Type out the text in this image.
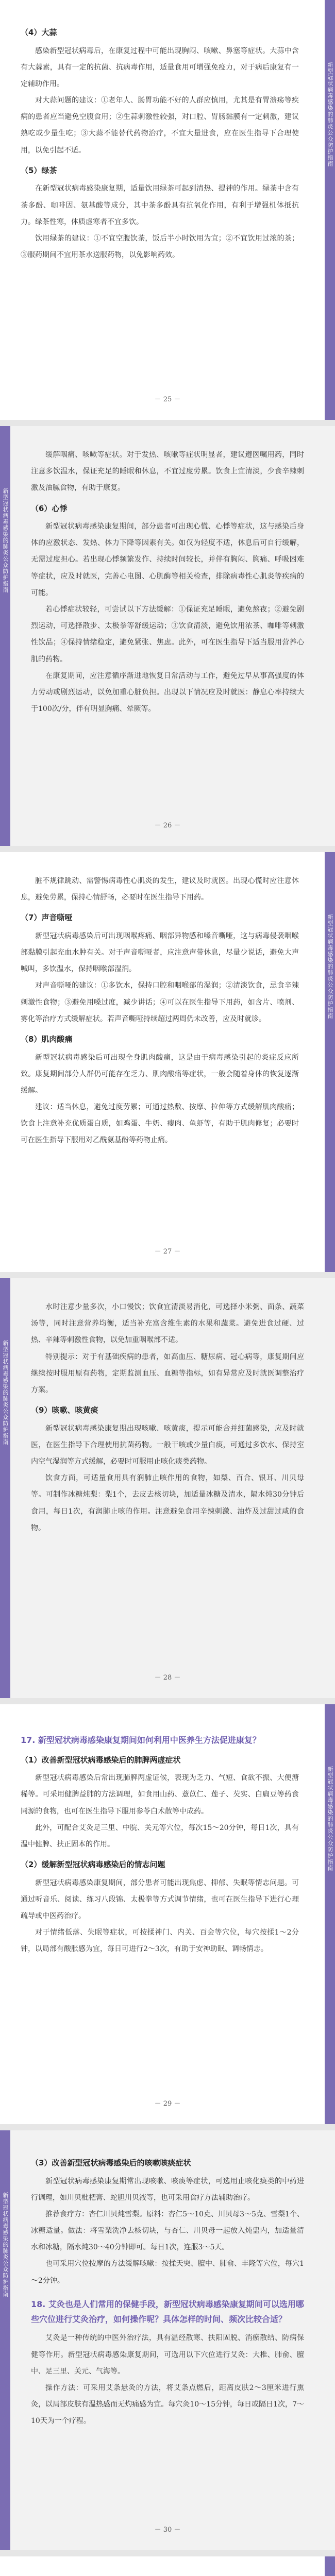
（4）大蒜

感染新型冠状病毒后，在康复过程中可能出现胸闷、咳嗽、鼻塞等症状。大蒜中含有大蒜素，具有一定的抗菌、抗病毒作用，适量食用可增强免疫力，对于病后康复有一定辅助作用。

对大蒜问题的建议：①老年人、肠胃功能不好的人群应慎用，尤其是有胃溃疡等疾病的患者应当避免空腹食用；②生蒜刺激性较强，对口腔、胃肠黏膜有一定刺激，建议熟吃或少量生吃；③大蒜不能替代药物治疗，不宜大量进食，应在医生指导下合理使用，以免引起不适。

（5）绿茶

在新型冠状病毒感染康复期，适量饮用绿茶可起到清热、提神的作用。绿茶中含有茶多酚、咖啡因、氨基酸等成分，其中茶多酚具有抗氧化作用，有利于增强机体抵抗力。绿茶性寒，体质虚寒者不宜多饮。

饮用绿茶的建议：①不宜空腹饮茶，饭后半小时饮用为宜；②不宜饮用过浓的茶；③服药期间不宜用茶水送服药物，以免影响药效。

－ 25 －
新型冠状病毒感染的肺炎公众防护指南
新型冠状病毒感染的肺炎公众防护指南

缓解咽痛、咳嗽等症状。对于发热、咳嗽等症状明显者，建议遵医嘱用药，同时注意多饮温水，保证充足的睡眠和休息，不宜过度劳累。饮食上宜清淡，少食辛辣刺激及油腻食物，有助于康复。

（6）心悸

新型冠状病毒感染康复期间，部分患者可出现心慌、心悸等症状，这与感染后身体的应激状态、发热、体力下降等因素有关。如仅为轻度不适，休息后可自行缓解，无需过度担心。若出现心悸频繁发作、持续时间较长，并伴有胸闷、胸痛、呼吸困难等症状，应及时就医，完善心电图、心肌酶等相关检查，排除病毒性心肌炎等疾病的可能。

若心悸症状较轻，可尝试以下方法缓解：①保证充足睡眠，避免熬夜；②避免剧烈运动，可选择散步、太极拳等舒缓运动；③饮食清淡，避免饮用浓茶、咖啡等刺激性饮品；④保持情绪稳定，避免紧张、焦虑。此外，可在医生指导下适当服用营养心肌的药物。

在康复期间，应注意循序渐进地恢复日常活动与工作，避免过早从事高强度的体力劳动或剧烈运动，以免加重心脏负担。出现以下情况应及时就医：静息心率持续大于100次/分，伴有明显胸痛、晕厥等。

－ 26 －

脏不规律跳动、需警惕病毒性心肌炎的发生，建议及时就医。出现心慌时应注意休息，避免劳累，保持心情舒畅，必要时在医生指导下用药。

（7）声音嘶哑

新型冠状病毒感染后可出现咽喉疼痛、咽部异物感和嗓音嘶哑，这与病毒侵袭咽喉部黏膜引起充血水肿有关。对于声音嘶哑者，应注意声带休息，尽量少说话，避免大声喊叫，多饮温水，保持咽喉部湿润。

对声音嘶哑的建议：①多饮水，保持口腔和咽喉部的湿润；②清淡饮食，忌食辛辣刺激性食物；③避免用嗓过度，减少讲话；④可以在医生指导下用药，如含片、喷剂、雾化等治疗方式缓解症状。若声音嘶哑持续超过两周仍未改善，应及时就诊。

（8）肌肉酸痛

新型冠状病毒感染后可出现全身肌肉酸痛，这是由于病毒感染引起的炎症反应所致。康复期间部分人群仍可能存在乏力、肌肉酸痛等症状，一般会随着身体的恢复逐渐缓解。

建议：适当休息，避免过度劳累；可通过热敷、按摩、拉伸等方式缓解肌肉酸痛；饮食上注意补充优质蛋白质，如鸡蛋、牛奶、瘦肉、鱼虾等，有助于肌肉修复；必要时可在医生指导下服用对乙酰氨基酚等药物止痛。

－ 27 －
新型冠状病毒感染的肺炎公众防护指南
新型冠状病毒感染的肺炎公众防护指南

水时注意少量多次，小口慢饮；饮食宜清淡易消化，可选择小米粥、面条、蔬菜汤等，同时注意营养均衡，适当补充富含维生素的水果和蔬菜。避免进食过硬、过热、辛辣等刺激性食物，以免加重咽喉部不适。

特别提示：对于有基础疾病的患者，如高血压、糖尿病、冠心病等，康复期间应继续按时服用原有药物，定期监测血压、血糖等指标，如有异常应及时就医调整治疗方案。

（9）咳嗽、咳黄痰

新型冠状病毒感染康复期出现咳嗽、咳黄痰，提示可能合并细菌感染，应及时就医，在医生指导下合理使用抗菌药物。一般干咳或少量白痰，可通过多饮水、保持室内空气湿润等方式缓解，必要时可服用止咳化痰类药物。

饮食方面，可适量食用具有润肺止咳作用的食物，如梨、百合、银耳、川贝母等。可制作冰糖炖梨：梨1个，去皮去核切块，加适量冰糖及清水，隔水炖30分钟后食用，每日1次，有润肺止咳的作用。注意避免食用辛辣刺激、油炸及过甜过咸的食物。

－ 28 －
17. 新型冠状病毒感染康复期间如何利用中医养生方法促进康复？
（1）改善新型冠状病毒感染后的肺脾两虚症状

新型冠状病毒感染后常出现肺脾两虚证候，表现为乏力、气短、食欲不振、大便溏稀等。可采用健脾益肺的方法调理，如食用山药、薏苡仁、莲子、芡实、白扁豆等药食同源的食物，也可在医生指导下服用参苓白术散等中成药。

此外，可配合艾灸足三里、中脘、关元等穴位，每次15～20分钟，每日1次，具有温中健脾、扶正固本的作用。

（2）缓解新型冠状病毒感染后的情志问题

新型冠状病毒感染康复期间，部分患者可能出现焦虑、抑郁、失眠等情志问题。可通过听音乐、阅读、练习八段锦、太极拳等方式调节情绪，也可在医生指导下进行心理疏导或中医药治疗。

对于情绪低落、失眠等症状，可按揉神门、内关、百会等穴位，每穴按揉1～2分钟，以局部有酸胀感为宜，每日可进行2～3次，有助于安神助眠、调畅情志。

－ 29 －
新型冠状病毒感染的肺炎公众防护指南
新型冠状病毒感染的肺炎公众防护指南
（3）改善新型冠状病毒感染后的咳嗽咳痰症状

新型冠状病毒感染康复期常出现咳嗽、咳痰等症状，可选用止咳化痰类的中药进行调理，如川贝枇杷膏、蛇胆川贝液等，也可采用食疗方法辅助治疗。

推荐食疗方：杏仁川贝炖雪梨。原料：杏仁5～10克、川贝母3～5克、雪梨1个、冰糖适量。做法：将雪梨洗净去核切块，与杏仁、川贝母一起放入炖盅内，加适量清水和冰糖，隔水炖30～40分钟即可。每日1次，连服3～5天。

也可采用穴位按摩的方法缓解咳嗽：按揉天突、膻中、肺俞、丰隆等穴位，每穴1～2分钟。

18. 艾灸也是人们常用的保健手段，新型冠状病毒感染康复期间可以选用哪些穴位进行艾灸治疗，如何操作呢？具体怎样的时间、频次比较合适？

艾灸是一种传统的中医外治疗法，具有温经散寒、扶阳固脱、消瘀散结、防病保健等作用。新型冠状病毒感染康复期间，可选用以下穴位进行艾灸：大椎、肺俞、膻中、足三里、关元、气海等。

操作方法：可采用艾条悬灸的方法，将艾条点燃后，距离皮肤2～3厘米进行熏灸，以局部皮肤有温热感而无灼痛感为宜。每穴灸10～15分钟，每日或隔日1次，7～10天为一个疗程。

－ 30 －
